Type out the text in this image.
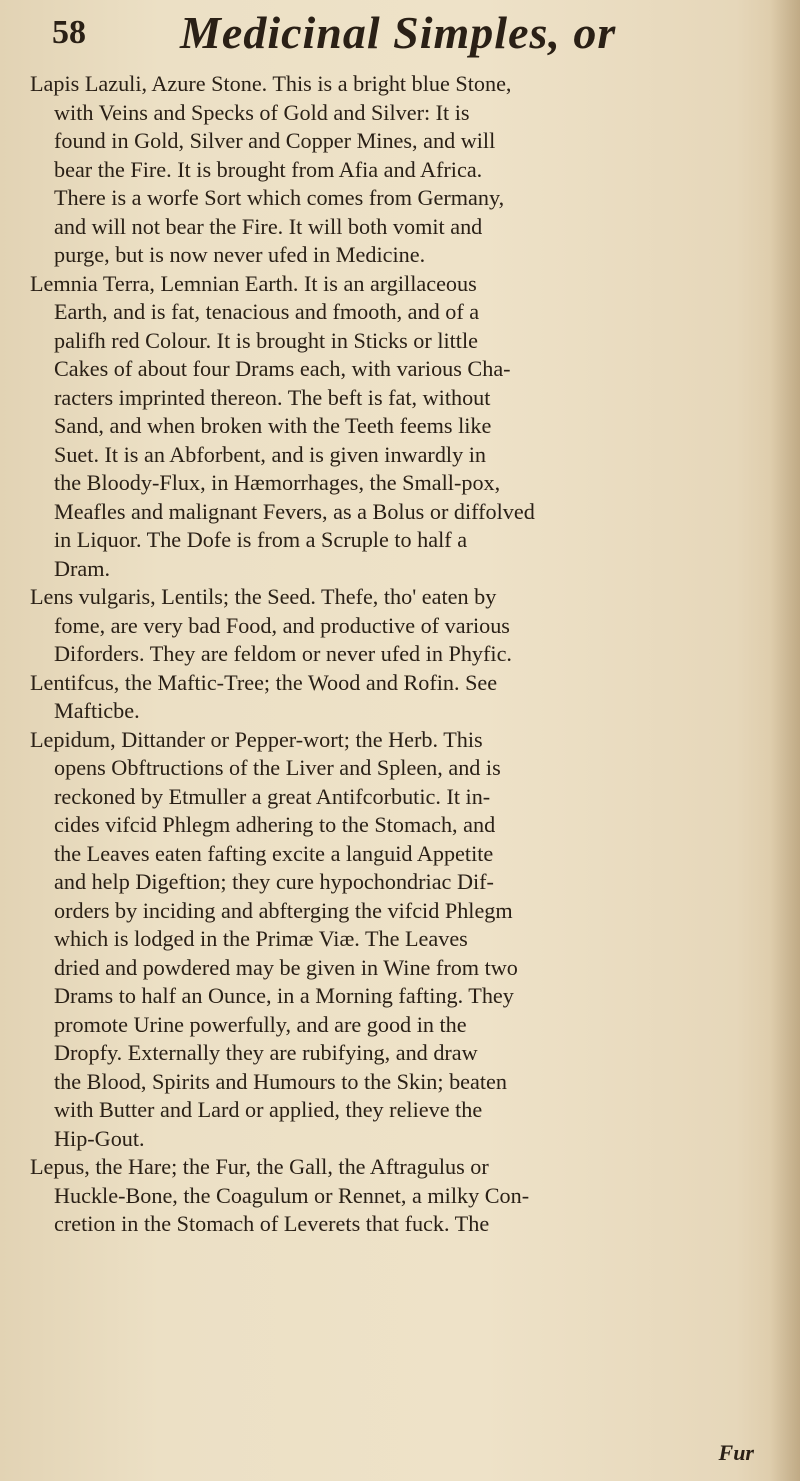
58 Medicinal Simples, or
Lapis Lazuli, Azure Stone. This is a bright blue Stone,
with Veins and Specks of Gold and Silver: It is
found in Gold, Silver and Copper Mines, and will
bear the Fire. It is brought from Afia and Africa.
There is a worfe Sort which comes from Germany,
and will not bear the Fire. It will both vomit and
purge, but is now never ufed in Medicine.
Lemnia Terra, Lemnian Earth. It is an argillaceous
Earth, and is fat, tenacious and fmooth, and of a
palifh red Colour. It is brought in Sticks or little
Cakes of about four Drams each, with various Cha-
racters imprinted thereon. The beft is fat, without
Sand, and when broken with the Teeth feems like
Suet. It is an Abforbent, and is given inwardly in
the Bloody-Flux, in Hæmorrhages, the Small-pox,
Meafles and malignant Fevers, as a Bolus or diffolved
in Liquor. The Dofe is from a Scruple to half a
Dram.
Lens vulgaris, Lentils; the Seed. Thefe, tho' eaten by
fome, are very bad Food, and productive of various
Diforders. They are feldom or never ufed in Phyfic.
Lentifcus, the Maftic-Tree; the Wood and Rofin. See
Mafticbe.
Lepidum, Dittander or Pepper-wort; the Herb. This
opens Obftructions of the Liver and Spleen, and is
reckoned by Etmuller a great Antifcorbutic. It in-
cides vifcid Phlegm adhering to the Stomach, and
the Leaves eaten fafting excite a languid Appetite
and help Digeftion; they cure hypochondriac Dif-
orders by inciding and abfterging the vifcid Phlegm
which is lodged in the Primæ Viæ. The Leaves
dried and powdered may be given in Wine from two
Drams to half an Ounce, in a Morning fafting. They
promote Urine powerfully, and are good in the
Dropfy. Externally they are rubifying, and draw
the Blood, Spirits and Humours to the Skin; beaten
with Butter and Lard or applied, they relieve the
Hip-Gout.
Lepus, the Hare; the Fur, the Gall, the Aftragulus or
Huckle-Bone, the Coagulum or Rennet, a milky Con-
cretion in the Stomach of Leverets that fuck. The
Fur
